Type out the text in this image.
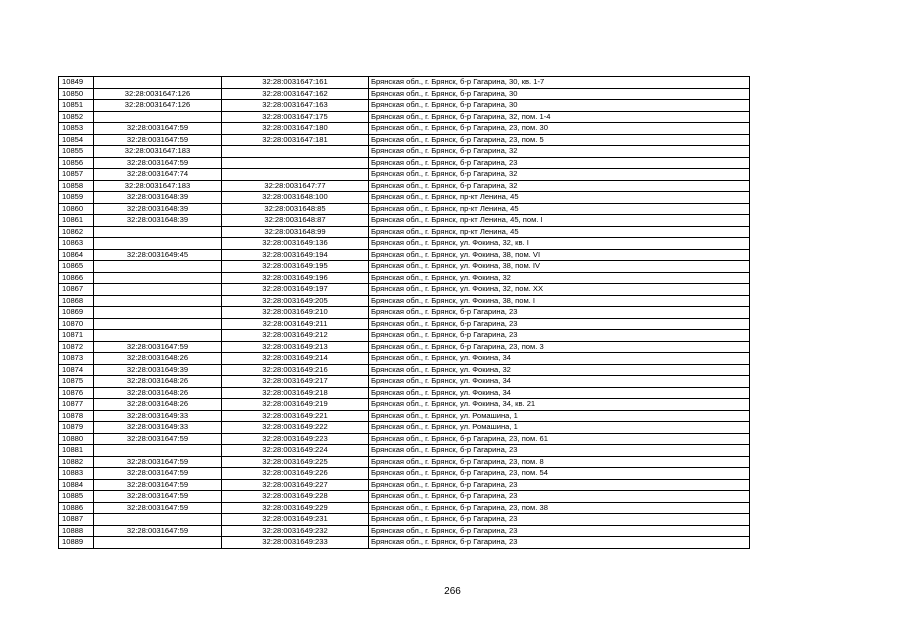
10849		32:28:0031647:161	Брянская обл., г. Брянск, б-р Гагарина, 30, кв. 1-7
10850	32:28:0031647:126	32:28:0031647:162	Брянская обл., г. Брянск, б-р Гагарина, 30
10851	32:28:0031647:126	32:28:0031647:163	Брянская обл., г. Брянск, б-р Гагарина, 30
10852		32:28:0031647:175	Брянская обл., г. Брянск, б-р Гагарина, 32, пом. 1-4
10853	32:28:0031647:59	32:28:0031647:180	Брянская обл., г. Брянск, б-р Гагарина, 23, пом. 30
10854	32:28:0031647:59	32:28:0031647:181	Брянская обл., г. Брянск, б-р Гагарина, 23, пом. 5
10855	32:28:0031647:183		Брянская обл., г. Брянск, б-р Гагарина, 32
10856	32:28:0031647:59		Брянская обл., г. Брянск, б-р Гагарина, 23
10857	32:28:0031647:74		Брянская обл., г. Брянск, б-р Гагарина, 32
10858	32:28:0031647:183	32:28:0031647:77	Брянская обл., г. Брянск, б-р Гагарина, 32
10859	32:28:0031648:39	32:28:0031648:100	Брянская обл., г. Брянск, пр-кт Ленина, 45
10860	32:28:0031648:39	32:28:0031648:85	Брянская обл., г. Брянск, пр-кт Ленина, 45
10861	32:28:0031648:39	32:28:0031648:87	Брянская обл., г. Брянск, пр-кт Ленина, 45, пом. I
10862		32:28:0031648:99	Брянская обл., г. Брянск, пр-кт Ленина, 45
10863		32:28:0031649:136	Брянская обл., г. Брянск, ул. Фокина, 32, кв. I
10864	32:28:0031649:45	32:28:0031649:194	Брянская обл., г. Брянск, ул. Фокина, 38, пом. VI
10865		32:28:0031649:195	Брянская обл., г. Брянск, ул. Фокина, 38, пом. IV
10866		32:28:0031649:196	Брянская обл., г. Брянск, ул. Фокина, 32
10867		32:28:0031649:197	Брянская обл., г. Брянск, ул. Фокина, 32, пом. XX
10868		32:28:0031649:205	Брянская обл., г. Брянск, ул. Фокина, 38, пом. I
10869		32:28:0031649:210	Брянская обл., г. Брянск, б-р Гагарина, 23
10870		32:28:0031649:211	Брянская обл., г. Брянск, б-р Гагарина, 23
10871		32:28:0031649:212	Брянская обл., г. Брянск, б-р Гагарина, 23
10872	32:28:0031647:59	32:28:0031649:213	Брянская обл., г. Брянск, б-р Гагарина, 23, пом. 3
10873	32:28:0031648:26	32:28:0031649:214	Брянская обл., г. Брянск, ул. Фокина, 34
10874	32:28:0031649:39	32:28:0031649:216	Брянская обл., г. Брянск, ул. Фокина, 32
10875	32:28:0031648:26	32:28:0031649:217	Брянская обл., г. Брянск, ул. Фокина, 34
10876	32:28:0031648:26	32:28:0031649:218	Брянская обл., г. Брянск, ул. Фокина, 34
10877	32:28:0031648:26	32:28:0031649:219	Брянская обл., г. Брянск, ул. Фокина, 34, кв. 21
10878	32:28:0031649:33	32:28:0031649:221	Брянская обл., г. Брянск, ул. Ромашина, 1
10879	32:28:0031649:33	32:28:0031649:222	Брянская обл., г. Брянск, ул. Ромашина, 1
10880	32:28:0031647:59	32:28:0031649:223	Брянская обл., г. Брянск, б-р Гагарина, 23, пом. 61
10881		32:28:0031649:224	Брянская обл., г. Брянск, б-р Гагарина, 23
10882	32:28:0031647:59	32:28:0031649:225	Брянская обл., г. Брянск, б-р Гагарина, 23, пом. 8
10883	32:28:0031647:59	32:28:0031649:226	Брянская обл., г. Брянск, б-р Гагарина, 23, пом. 54
10884	32:28:0031647:59	32:28:0031649:227	Брянская обл., г. Брянск, б-р Гагарина, 23
10885	32:28:0031647:59	32:28:0031649:228	Брянская обл., г. Брянск, б-р Гагарина, 23
10886	32:28:0031647:59	32:28:0031649:229	Брянская обл., г. Брянск, б-р Гагарина, 23, пом. 38
10887		32:28:0031649:231	Брянская обл., г. Брянск, б-р Гагарина, 23
10888	32:28:0031647:59	32:28:0031649:232	Брянская обл., г. Брянск, б-р Гагарина, 23
10889		32:28:0031649:233	Брянская обл., г. Брянск, б-р Гагарина, 23
266
